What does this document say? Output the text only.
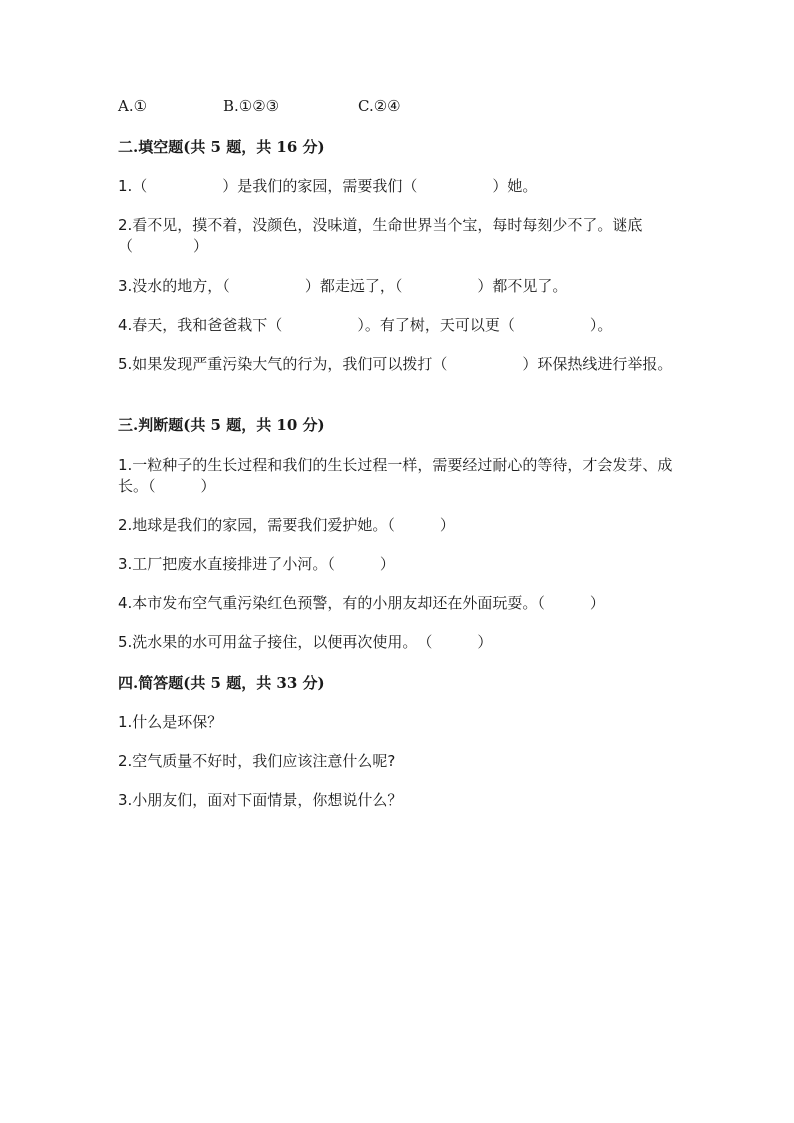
A.①	B.①②③	C.②④
二.填空题(共 5 题，共 16 分)
1.（　　　　　）是我们的家园，需要我们（　　　　　）她。
2.看不见，摸不着，没颜色，没味道，生命世界当个宝，每时每刻少不了。谜底（　　　　）
3.没水的地方，（　　　　　）都走远了，（　　　　　）都不见了。
4.春天，我和爸爸栽下（　　　　　）。有了树，天可以更（　　　　　）。
5.如果发现严重污染大气的行为，我们可以拨打（　　　　　）环保热线进行举报。
三.判断题(共 5 题，共 10 分)
1.一粒种子的生长过程和我们的生长过程一样，需要经过耐心的等待，才会发芽、成长。（　　　）
2.地球是我们的家园，需要我们爱护她。（　　　）
3.工厂把废水直接排进了小河。（　　　）
4.本市发布空气重污染红色预警，有的小朋友却还在外面玩耍。（　　　）
5.洗水果的水可用盆子接住，以便再次使用。　（　　　）
四.简答题(共 5 题，共 33 分)
1.什么是环保？
2.空气质量不好时，我们应该注意什么呢?
3.小朋友们，面对下面情景，你想说什么？
